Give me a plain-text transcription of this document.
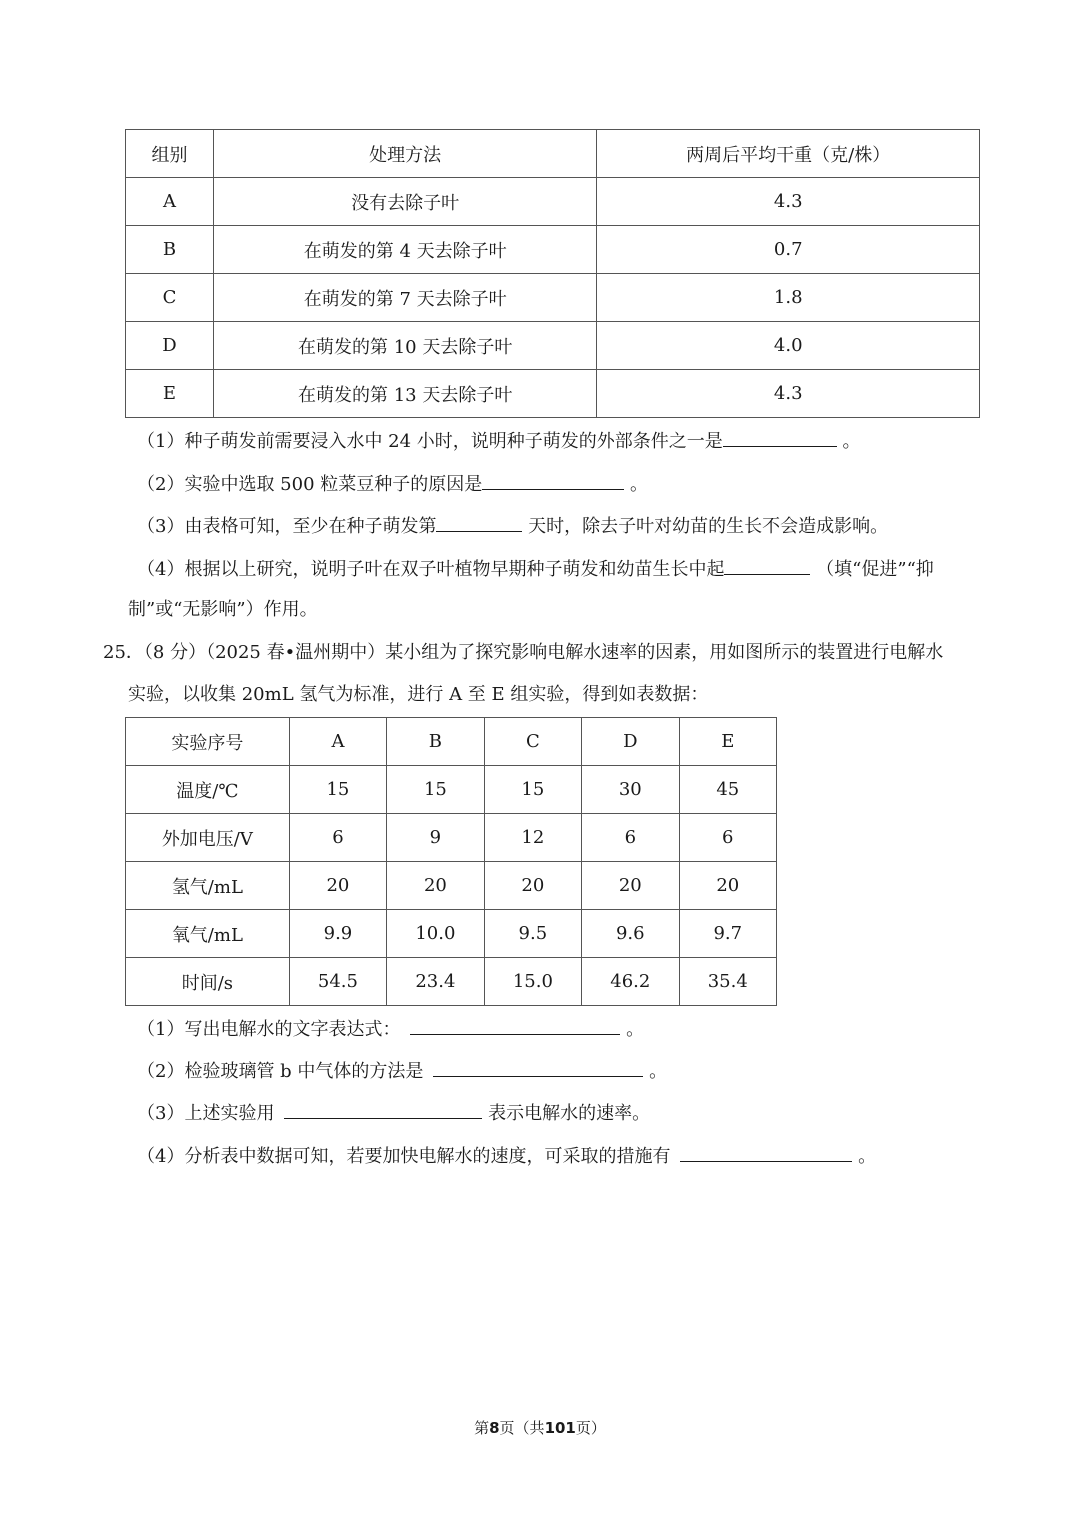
组别	处理方法	两周后平均干重（克/株）
A	没有去除子叶	4.3
B	在萌发的第 4 天去除子叶	0.7
C	在萌发的第 7 天去除子叶	1.8
D	在萌发的第 10 天去除子叶	4.0
E	在萌发的第 13 天去除子叶	4.3
（1）种子萌发前需要浸入水中 24 小时，说明种子萌发的外部条件之一是	。
（2）实验中选取 500 粒菜豆种子的原因是	。
（3）由表格可知，至少在种子萌发第	天时，除去子叶对幼苗的生长不会造成影响。
（4）根据以上研究，说明子叶在双子叶植物早期种子萌发和幼苗生长中起	（填“促进”“抑
制”或“无影响”）作用。
25．（8 分）（2025 春•温州期中）某小组为了探究影响电解水速率的因素，用如图所示的装置进行电解水
实验，以收集 20mL 氢气为标准，进行 A 至 E 组实验，得到如表数据：
实验序号	A	B	C	D	E
温度/℃	15	15	15	30	45
外加电压/V	6	9	12	6	6
氢气/mL	20	20	20	20	20
氧气/mL	9.9	10.0	9.5	9.6	9.7
时间/s	54.5	23.4	15.0	46.2	35.4
（1）写出电解水的文字表达式：	。
（2）检验玻璃管 b 中气体的方法是	。
（3）上述实验用	表示电解水的速率。
（4）分析表中数据可知，若要加快电解水的速度，可采取的措施有	。
第8页（共101页）
